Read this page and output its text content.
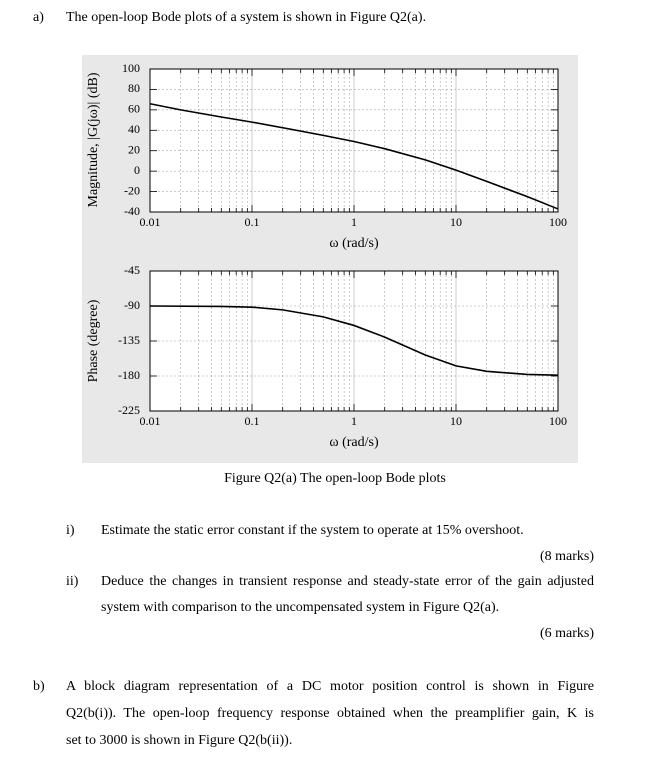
a) The open-loop Bode plots of a system is shown in Figure Q2(a).
100
80
60
40
20
0
-20
-40
0.01	0.1	1	10	100
Magnitude, |G(jω)| (dB)
ω (rad/s)
-45
-90
-135
-180
-225
0.01	0.1	1	10	100
Phase (degree)
ω (rad/s)
Figure Q2(a) The open-loop Bode plots
i) Estimate the static error constant if the system to operate at 15% overshoot.
(8 marks)
ii) Deduce the changes in transient response and steady-state error of the gain adjusted
system with comparison to the uncompensated system in Figure Q2(a).
(6 marks)
b) A block diagram representation of a DC motor position control is shown in Figure
Q2(b(i)). The open-loop frequency response obtained when the preamplifier gain, K is
set to 3000 is shown in Figure Q2(b(ii)).
